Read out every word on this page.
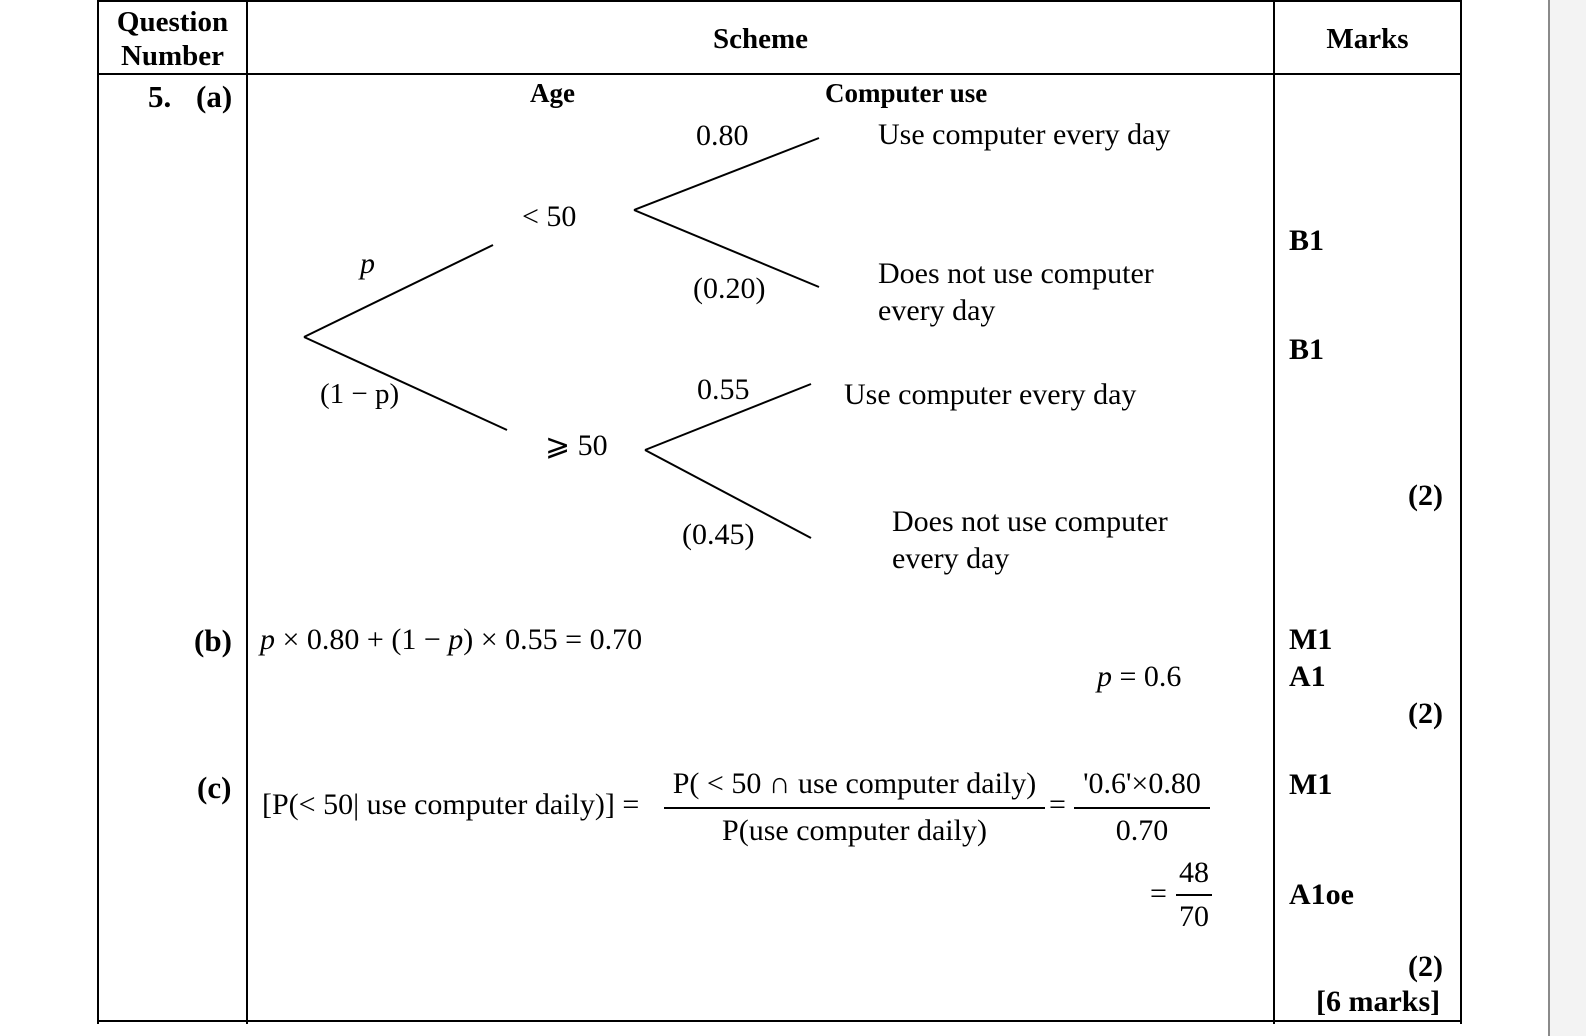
Question Number
Scheme	Marks
5. (a)
(b)
(c)
Age	Computer use
p
(1 − p)
< 50
⩾ 50
0.80
(0.20)
0.55
(0.45)
Use computer every day
Does not use computer
every day
Use computer every day
Does not use computer
every day
p × 0.80 + (1 − p) × 0.55 = 0.70
p = 0.6
[P(< 50| use computer daily)] =
P( < 50 ∩ use computer daily)
P(use computer daily)
=
'0.6'×0.80
0.70
=
48
70
B1
B1
(2)
M1
A1
(2)
M1
A1oe
(2)
[6 marks]
